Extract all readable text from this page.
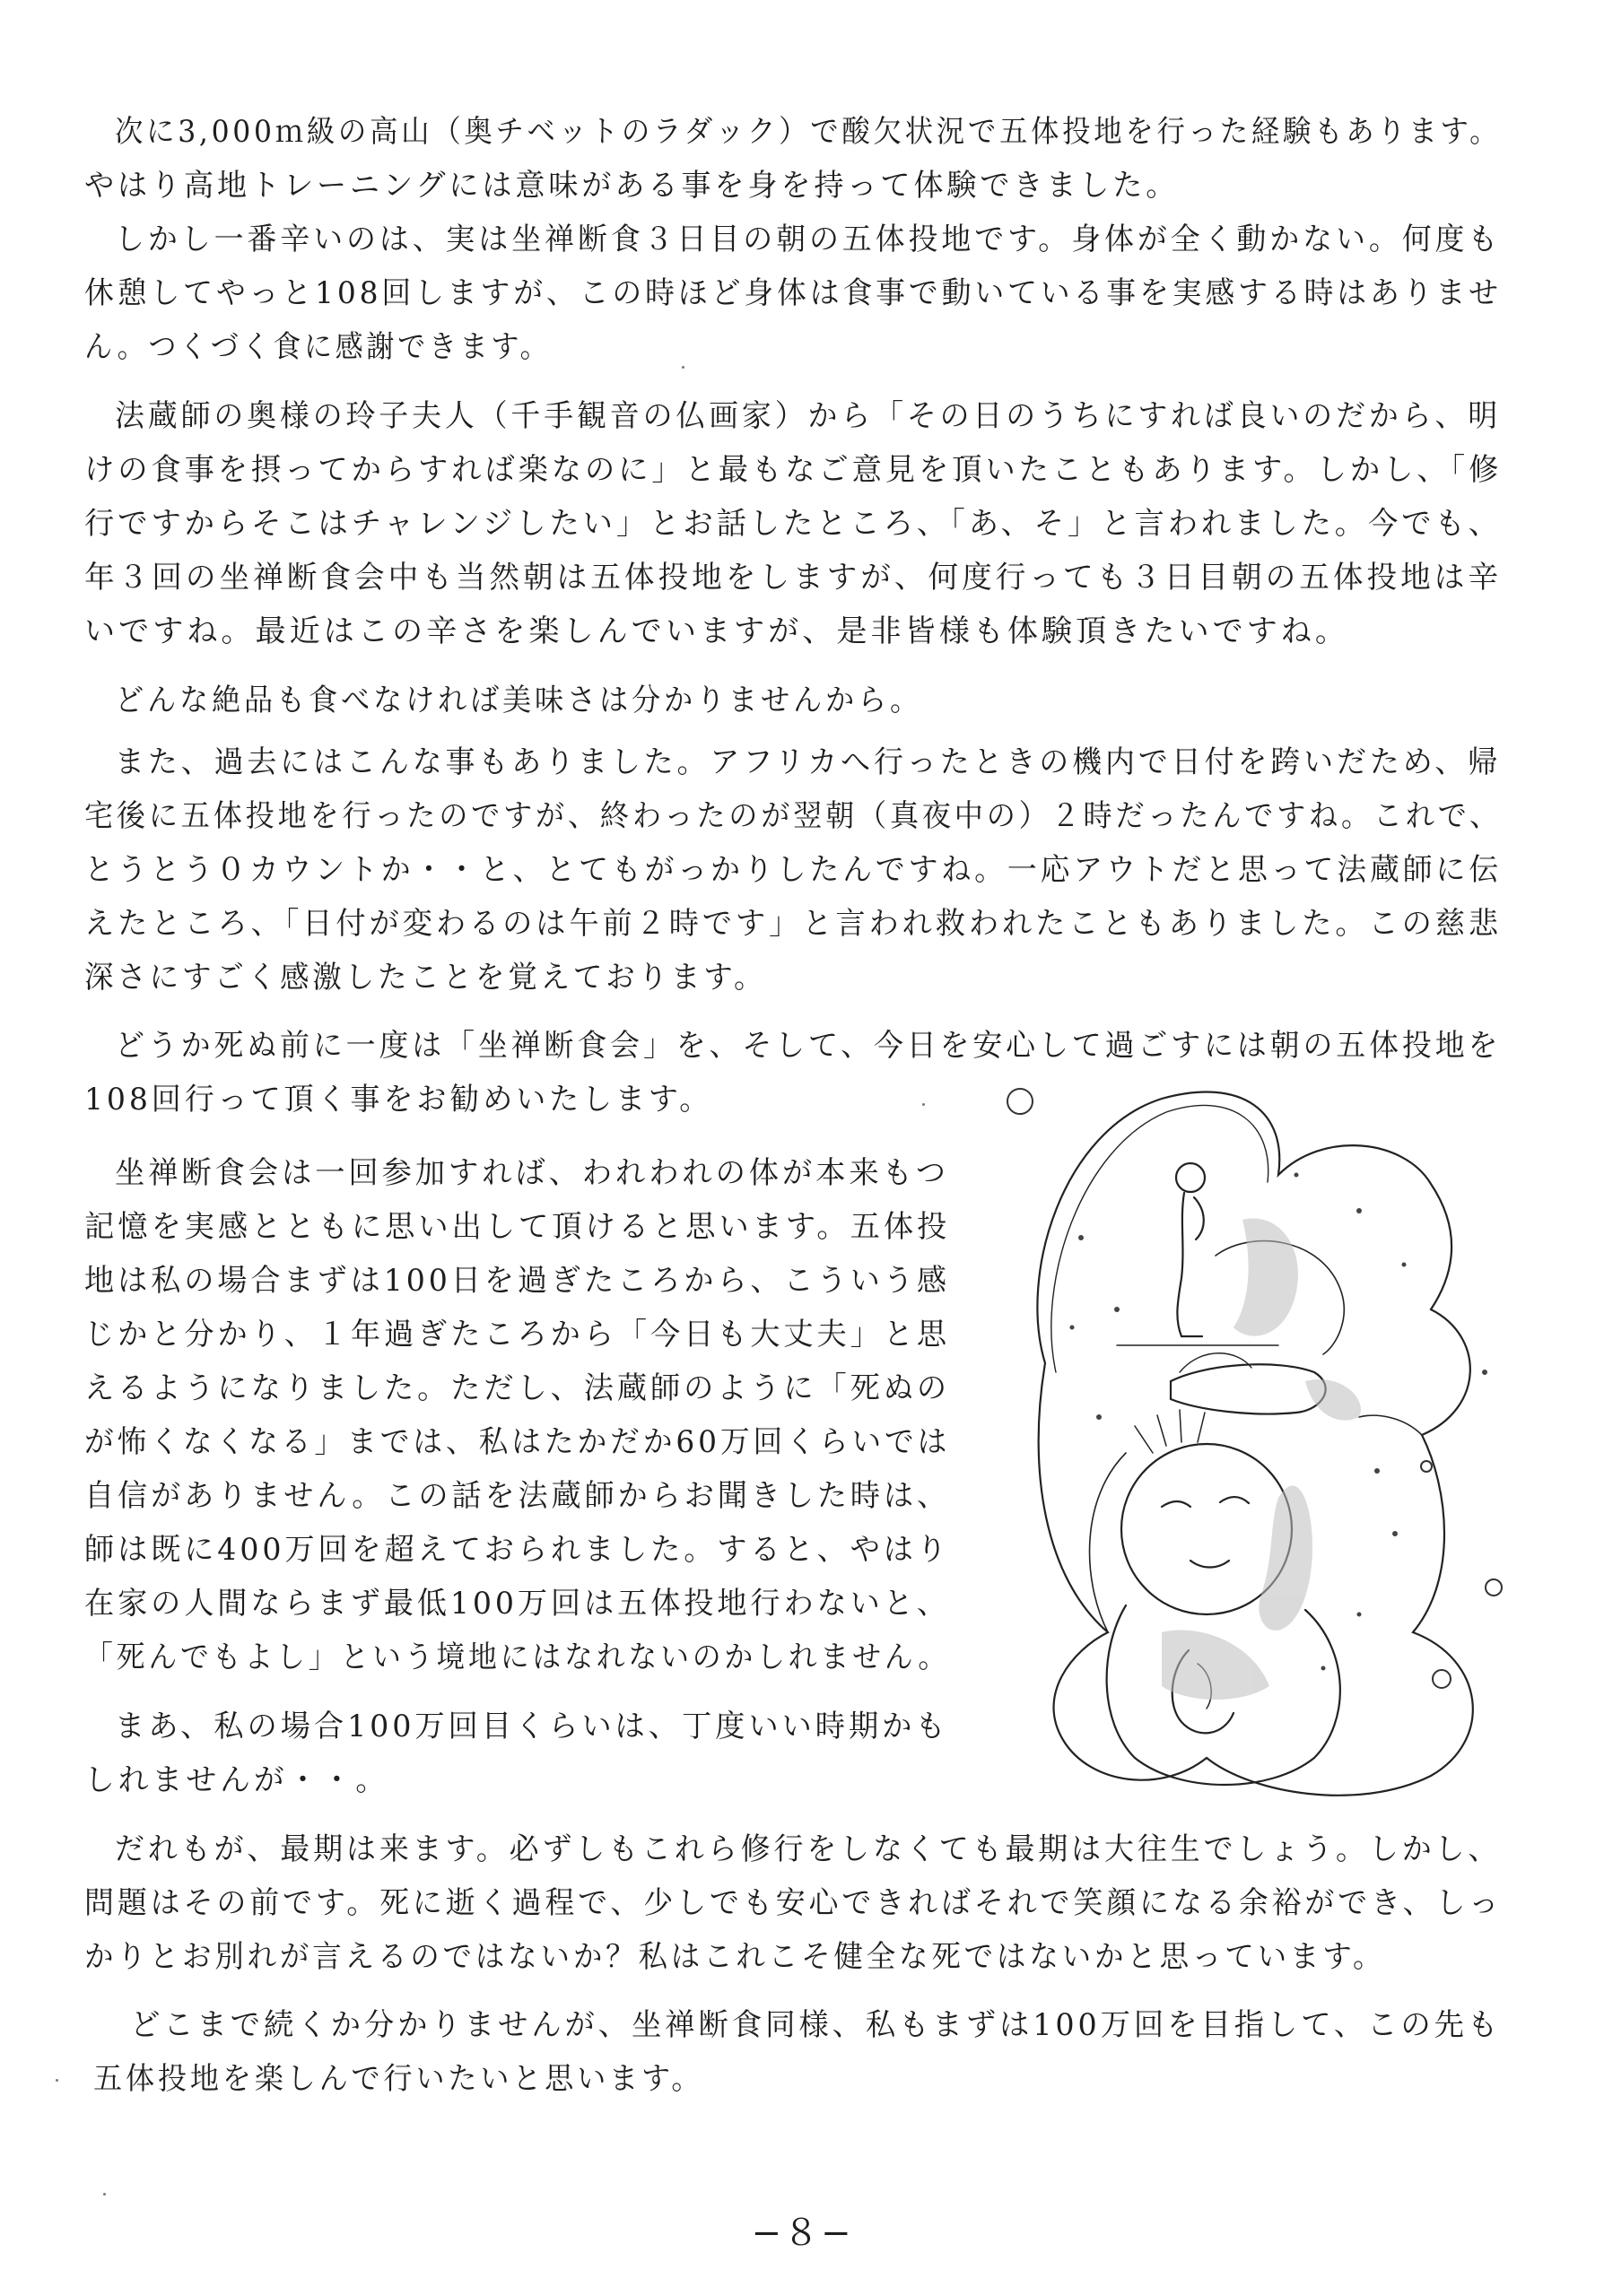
次に3,000ｍ級の高山（奥チベットのラダック）で酸欠状況で五体投地を行った経験もあります。
やはり高地トレーニングには意味がある事を身を持って体験できました。
しかし一番辛いのは、実は坐禅断食３日目の朝の五体投地です。身体が全く動かない。何度も
休憩してやっと108回しますが、この時ほど身体は食事で動いている事を実感する時はありませ
ん。つくづく食に感謝できます。
法蔵師の奥様の玲子夫人（千手観音の仏画家）から「その日のうちにすれば良いのだから、明
けの食事を摂ってからすれば楽なのに」と最もなご意見を頂いたこともあります。しかし、「修
行ですからそこはチャレンジしたい」とお話したところ、「あ、そ」と言われました。今でも、
年３回の坐禅断食会中も当然朝は五体投地をしますが、何度行っても３日目朝の五体投地は辛
いですね。最近はこの辛さを楽しんでいますが、是非皆様も体験頂きたいですね。
どんな絶品も食べなければ美味さは分かりませんから。
また、過去にはこんな事もありました。アフリカへ行ったときの機内で日付を跨いだため、帰
宅後に五体投地を行ったのですが、終わったのが翌朝（真夜中の）２時だったんですね。これで、
とうとう０カウントか・・と、とてもがっかりしたんですね。一応アウトだと思って法蔵師に伝
えたところ、「日付が変わるのは午前２時です」と言われ救われたこともありました。この慈悲
深さにすごく感激したことを覚えております。
どうか死ぬ前に一度は「坐禅断食会」を、そして、今日を安心して過ごすには朝の五体投地を
108回行って頂く事をお勧めいたします。
坐禅断食会は一回参加すれば、われわれの体が本来もつ
記憶を実感とともに思い出して頂けると思います。五体投
地は私の場合まずは100日を過ぎたころから、こういう感
じかと分かり、１年過ぎたころから「今日も大丈夫」と思
えるようになりました。ただし、法蔵師のように「死ぬの
が怖くなくなる」までは、私はたかだか60万回くらいでは
自信がありません。この話を法蔵師からお聞きした時は、
師は既に400万回を超えておられました。すると、やはり
在家の人間ならまず最低100万回は五体投地行わないと、
「死んでもよし」という境地にはなれないのかしれません。
まあ、私の場合100万回目くらいは、丁度いい時期かも
しれませんが・・。
だれもが、最期は来ます。必ずしもこれら修行をしなくても最期は大往生でしょう。しかし、
問題はその前です。死に逝く過程で、少しでも安心できればそれで笑顔になる余裕ができ、しっ
かりとお別れが言えるのではないか？私はこれこそ健全な死ではないかと思っています。
どこまで続くか分かりませんが、坐禅断食同様、私もまずは100万回を目指して、この先も
五体投地を楽しんで行いたいと思います。
−８−
